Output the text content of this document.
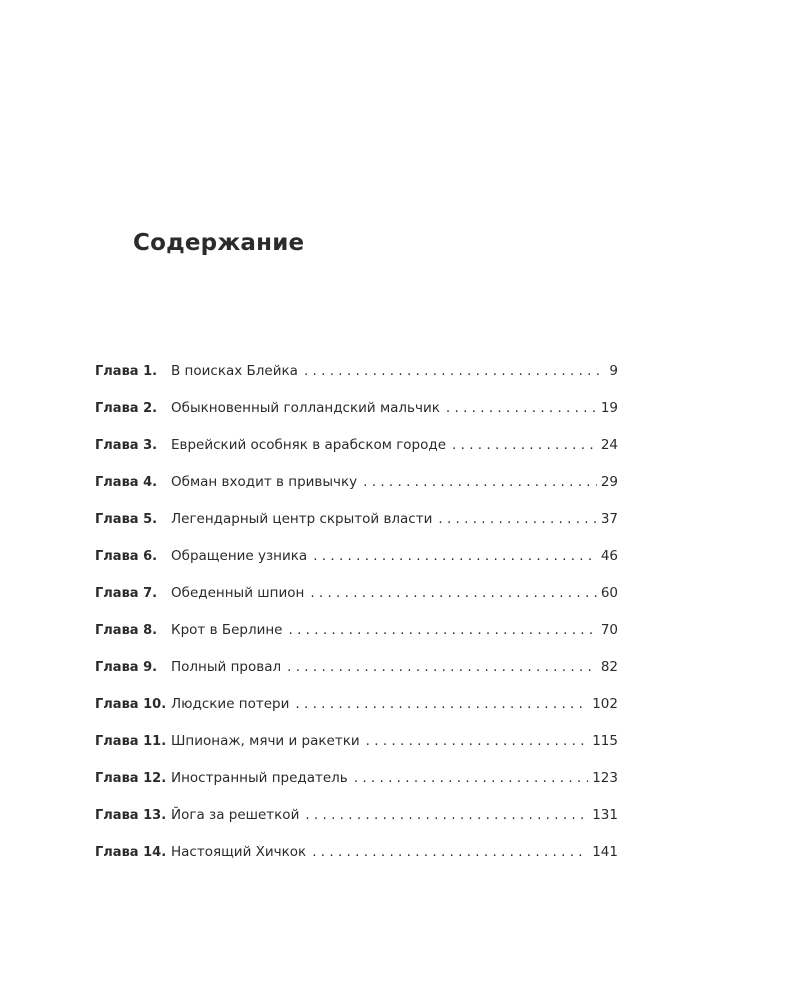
Содержание
Глава 1.	В поисках Блейка . . .	9
Глава 2.	Обыкновенный голландский мальчик . . .	19
Глава 3.	Еврейский особняк в арабском городе . . .	24
Глава 4.	Обман входит в привычку . . .	29
Глава 5.	Легендарный центр скрытой власти . . .	37
Глава 6.	Обращение узника . . .	46
Глава 7.	Обеденный шпион . . .	60
Глава 8.	Крот в Берлине . . .	70
Глава 9.	Полный провал . . .	82
Глава 10. Людские потери . . .	102
Глава 11. Шпионаж, мячи и ракетки . . .	115
Глава 12. Иностранный предатель . . .	123
Глава 13. Йога за решеткой . . .	131
Глава 14. Настоящий Хичкок . . .	141
